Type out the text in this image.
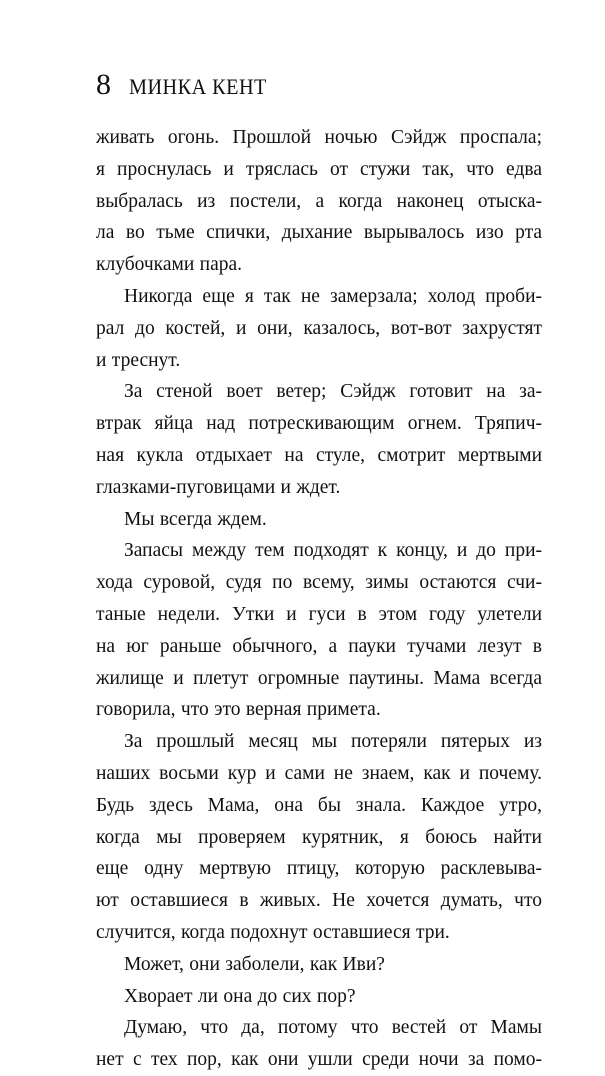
8 МИНКА КЕНТ
живать огонь. Прошлой ночью Сэйдж проспала;
я проснулась и тряслась от стужи так, что едва
выбралась из постели, а когда наконец отыска-
ла во тьме спички, дыхание вырывалось изо рта
клубочками пара.
Никогда еще я так не замерзала; холод проби-
рал до костей, и они, казалось, вот-вот захрустят
и треснут.
За стеной воет ветер; Сэйдж готовит на за-
втрак яйца над потрескивающим огнем. Тряпич-
ная кукла отдыхает на стуле, смотрит мертвыми
глазками-пуговицами и ждет.
Мы всегда ждем.
Запасы между тем подходят к концу, и до при-
хода суровой, судя по всему, зимы остаются счи-
таные недели. Утки и гуси в этом году улетели
на юг раньше обычного, а пауки тучами лезут в
жилище и плетут огромные паутины. Мама всегда
говорила, что это верная примета.
За прошлый месяц мы потеряли пятерых из
наших восьми кур и сами не знаем, как и почему.
Будь здесь Мама, она бы знала. Каждое утро,
когда мы проверяем курятник, я боюсь найти
еще одну мертвую птицу, которую расклевыва-
ют оставшиеся в живых. Не хочется думать, что
случится, когда подохнут оставшиеся три.
Может, они заболели, как Иви?
Хворает ли она до сих пор?
Думаю, что да, потому что вестей от Мамы
нет с тех пор, как они ушли среди ночи за помо-
